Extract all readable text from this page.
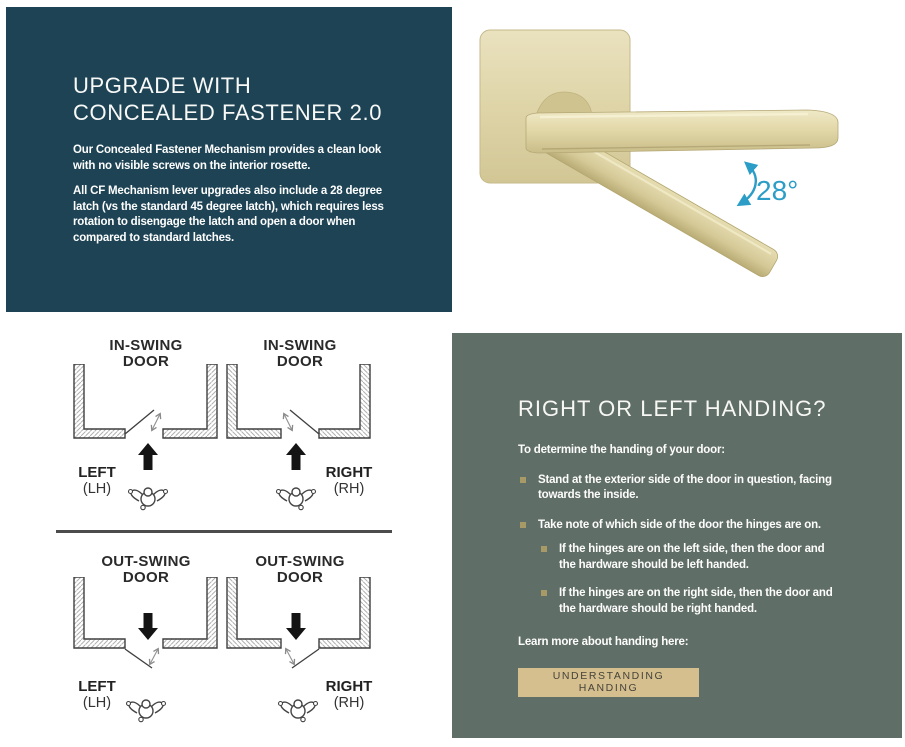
UPGRADE WITH CONCEALED FASTENER 2.0

Our Concealed Fastener Mechanism provides a clean look with no visible screws on the interior rosette.

All CF Mechanism lever upgrades also include a 28 degree latch (vs the standard 45 degree latch), which requires less rotation to disengage the latch and open a door when compared to standard latches.

28°
IN-SWING
DOOR
IN-SWING
DOOR
OUT-SWING
DOOR
OUT-SWING
DOOR
LEFT
(LH)
RIGHT
(RH)
LEFT
(LH)
RIGHT
(RH)
RIGHT OR LEFT HANDING?
To determine the handing of your door:
Stand at the exterior side of the door in question, facing towards the inside.
Take note of which side of the door the hinges are on.
If the hinges are on the left side, then the door and the hardware should be left handed.
If the hinges are on the right side, then the door and the hardware should be right handed.
Learn more about handing here:
UNDERSTANDING HANDING
